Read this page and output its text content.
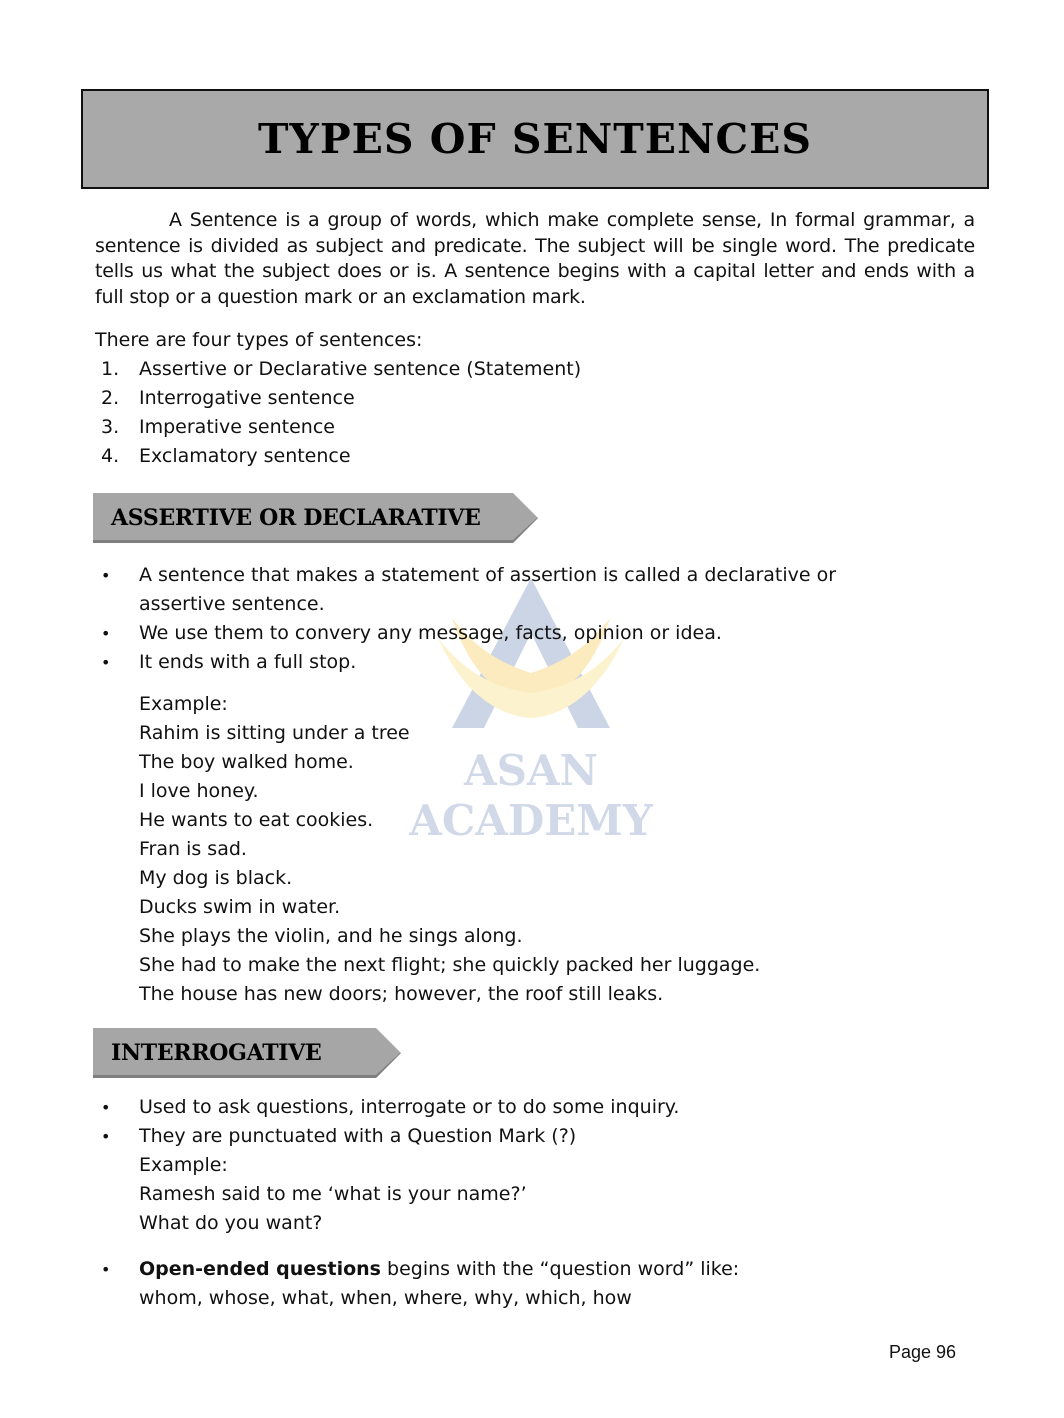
TYPES OF SENTENCES

A Sentence is a group of words, which make complete sense, In formal grammar, a sentence is divided as subject and predicate. The subject will be single word. The predicate tells us what the subject does or is. A sentence begins with a capital letter and ends with a full stop or a question mark or an exclamation mark.

There are four types of sentences:

1.	Assertive or Declarative sentence (Statement)
2.	Interrogative sentence
3.	Imperative sentence
4.	Exclamatory sentence
ASAN
ACADEMY
ASSERTIVE OR DECLARATIVE
• A sentence that makes a statement of assertion is called a declarative or assertive sentence.
• We use them to convery any message, facts, opinion or idea.
• It ends with a full stop.
Example:
Rahim is sitting under a tree
The boy walked home.
I love honey.
He wants to eat cookies.
Fran is sad.
My dog is black.
Ducks swim in water.
She plays the violin, and he sings along.
She had to make the next flight; she quickly packed her luggage.
The house has new doors; however, the roof still leaks.
INTERROGATIVE
• Used to ask questions, interrogate or to do some inquiry.
• They are punctuated with a Question Mark (?)
Example:
Ramesh said to me ‘what is your name?’
What do you want?
• Open-ended questions begins with the “question word” like:
whom, whose, what, when, where, why, which, how
Page 96
